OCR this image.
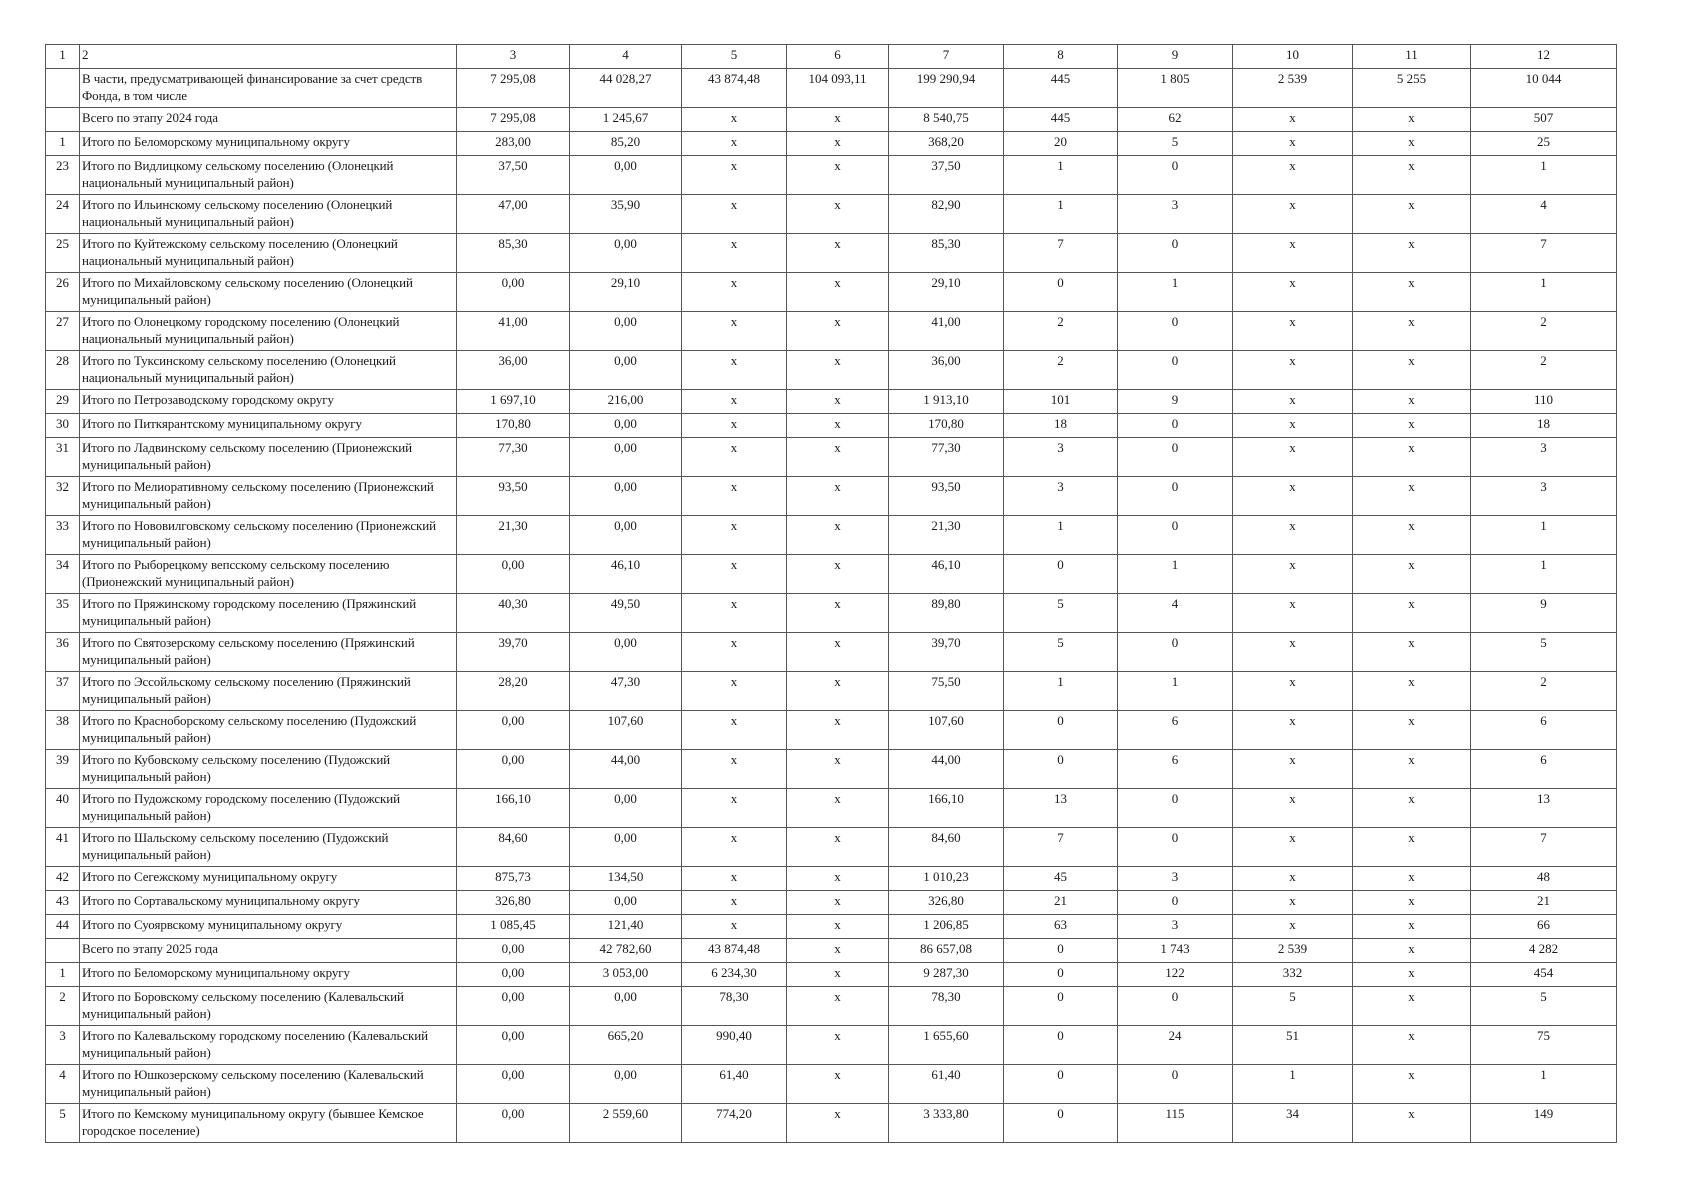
1	2	3	4	5	6	7	8	9	10	11	12
	В части, предусматривающей финансирование за счет средств Фонда, в том числе	7 295,08	44 028,27	43 874,48	104 093,11	199 290,94	445	1 805	2 539	5 255	10 044
	Всего по этапу 2024 года	7 295,08	1 245,67	x	x	8 540,75	445	62	x	x	507
1	Итого по Беломорскому муниципальному округу	283,00	85,20	x	x	368,20	20	5	x	x	25
23	Итого по Видлицкому сельскому поселению (Олонецкий национальный муниципальный район)	37,50	0,00	x	x	37,50	1	0	x	x	1
24	Итого по Ильинскому сельскому поселению (Олонецкий национальный муниципальный район)	47,00	35,90	x	x	82,90	1	3	x	x	4
25	Итого по Куйтежскому сельскому поселению (Олонецкий национальный муниципальный район)	85,30	0,00	x	x	85,30	7	0	x	x	7
26	Итого по Михайловскому сельскому поселению (Олонецкий муниципальный район)	0,00	29,10	x	x	29,10	0	1	x	x	1
27	Итого по Олонецкому городскому поселению (Олонецкий национальный муниципальный район)	41,00	0,00	x	x	41,00	2	0	x	x	2
28	Итого по Туксинскому сельскому поселению (Олонецкий национальный муниципальный район)	36,00	0,00	x	x	36,00	2	0	x	x	2
29	Итого по Петрозаводскому городскому округу	1 697,10	216,00	x	x	1 913,10	101	9	x	x	110
30	Итого по Питкярантскому муниципальному округу	170,80	0,00	x	x	170,80	18	0	x	x	18
31	Итого по Ладвинскому сельскому поселению (Прионежский муниципальный район)	77,30	0,00	x	x	77,30	3	0	x	x	3
32	Итого по Мелиоративному сельскому поселению (Прионежский муниципальный район)	93,50	0,00	x	x	93,50	3	0	x	x	3
33	Итого по Нововилговскому сельскому поселению (Прионежский муниципальный район)	21,30	0,00	x	x	21,30	1	0	x	x	1
34	Итого по Рыборецкому вепсскому сельскому поселению (Прионежский муниципальный район)	0,00	46,10	x	x	46,10	0	1	x	x	1
35	Итого по Пряжинскому городскому поселению (Пряжинский муниципальный район)	40,30	49,50	x	x	89,80	5	4	x	x	9
36	Итого по Святозерскому сельскому поселению (Пряжинский муниципальный район)	39,70	0,00	x	x	39,70	5	0	x	x	5
37	Итого по Эссойльскому сельскому поселению (Пряжинский муниципальный район)	28,20	47,30	x	x	75,50	1	1	x	x	2
38	Итого по Красноборскому сельскому поселению (Пудожский муниципальный район)	0,00	107,60	x	x	107,60	0	6	x	x	6
39	Итого по Кубовскому сельскому поселению (Пудожский муниципальный район)	0,00	44,00	x	x	44,00	0	6	x	x	6
40	Итого по Пудожскому городскому поселению (Пудожский муниципальный район)	166,10	0,00	x	x	166,10	13	0	x	x	13
41	Итого по Шальскому сельскому поселению (Пудожский муниципальный район)	84,60	0,00	x	x	84,60	7	0	x	x	7
42	Итого по Сегежскому муниципальному округу	875,73	134,50	x	x	1 010,23	45	3	x	x	48
43	Итого по Сортавальскому муниципальному округу	326,80	0,00	x	x	326,80	21	0	x	x	21
44	Итого по Суоярвскому муниципальному округу	1 085,45	121,40	x	x	1 206,85	63	3	x	x	66
	Всего по этапу 2025 года	0,00	42 782,60	43 874,48	x	86 657,08	0	1 743	2 539	x	4 282
1	Итого по Беломорскому муниципальному округу	0,00	3 053,00	6 234,30	x	9 287,30	0	122	332	x	454
2	Итого по Боровскому сельскому поселению (Калевальский муниципальный район)	0,00	0,00	78,30	x	78,30	0	0	5	x	5
3	Итого по Калевальскому городскому поселению (Калевальский муниципальный район)	0,00	665,20	990,40	x	1 655,60	0	24	51	x	75
4	Итого по Юшкозерскому сельскому поселению (Калевальский муниципальный район)	0,00	0,00	61,40	x	61,40	0	0	1	x	1
5	Итого по Кемскому муниципальному округу (бывшее Кемское городское поселение)	0,00	2 559,60	774,20	x	3 333,80	0	115	34	x	149
